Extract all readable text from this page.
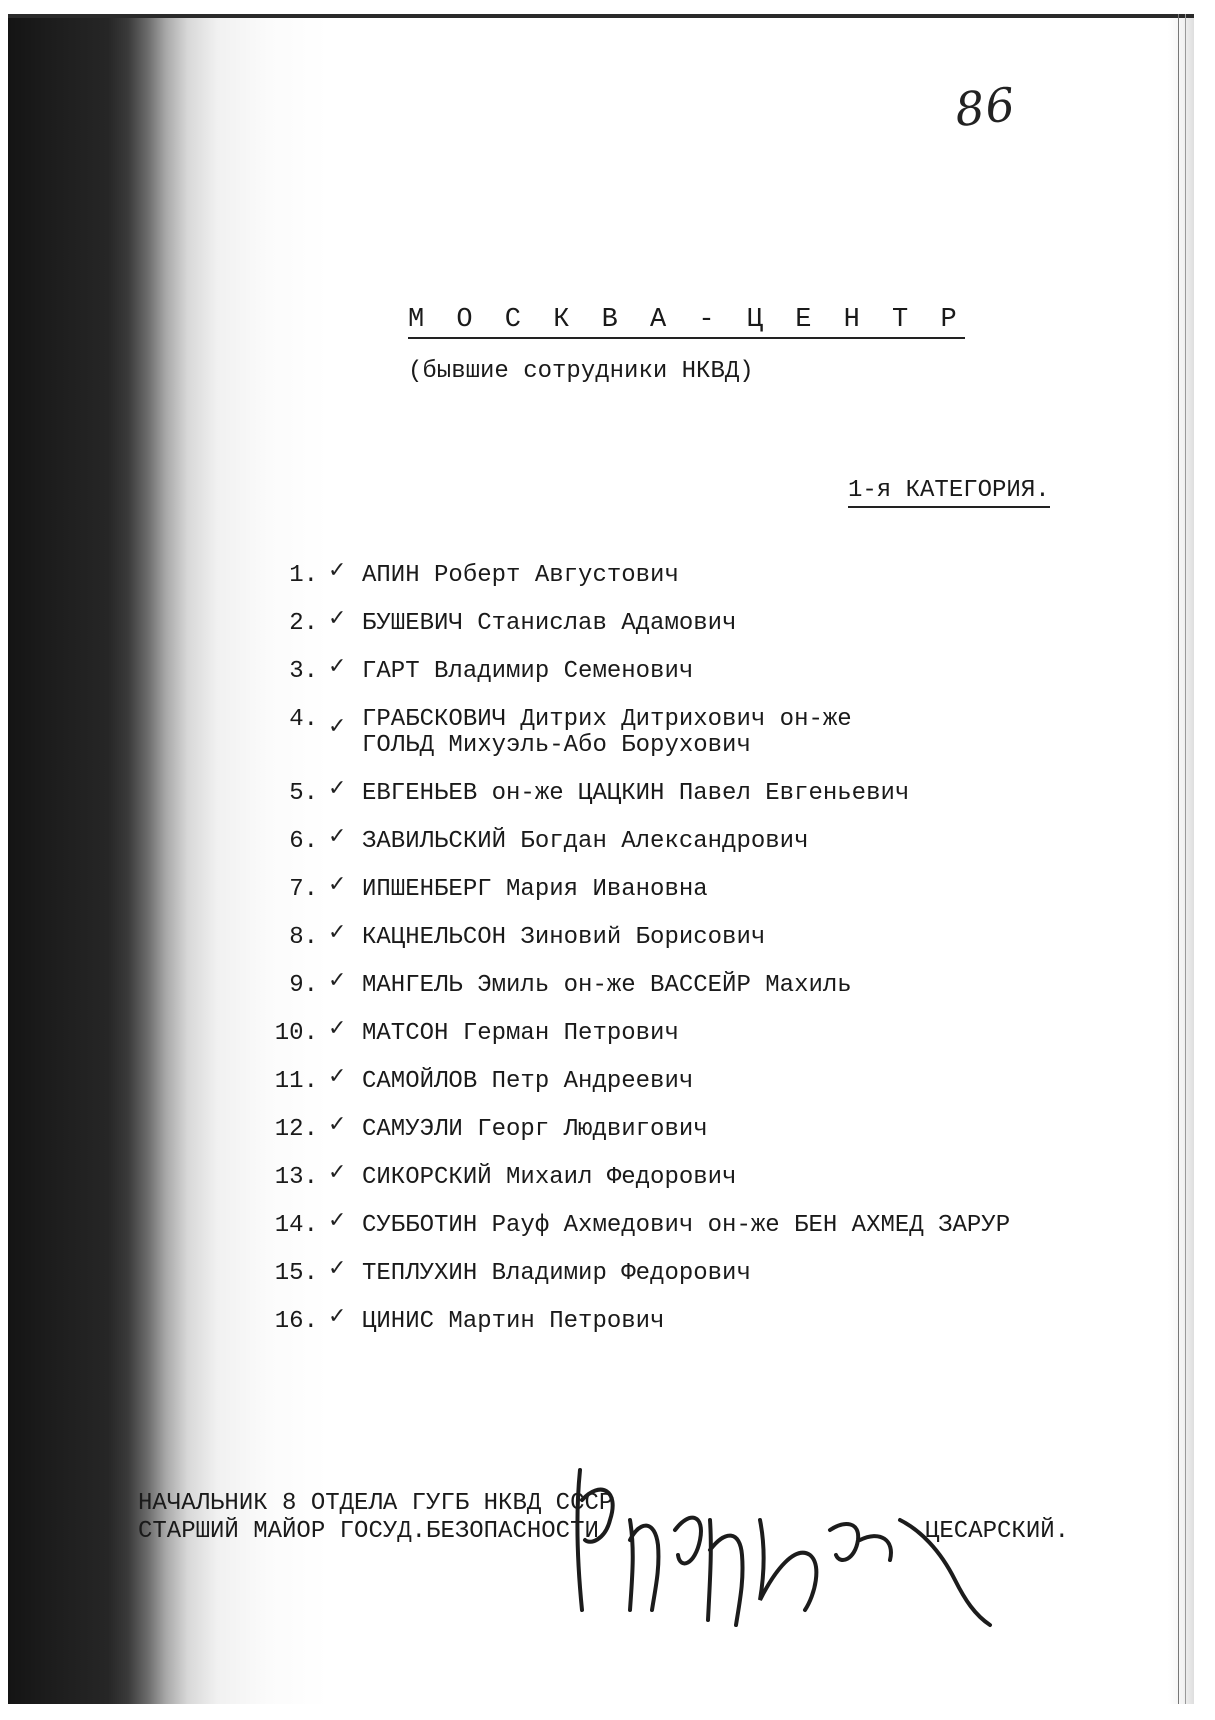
86
М О С К В А - Ц Е Н Т Р
(бывшие сотрудники НКВД)
1-я КАТЕГОРИЯ.
1. ✓ АПИН Роберт Августович
2. ✓ БУШЕВИЧ Станислав Адамович
3. ✓ ГАРТ Владимир Семенович
4. ✓ ГРАБСКОВИЧ Дитрих Дитрихович он-же
ГОЛЬД Михуэль-Або Борухович
5. ✓ ЕВГЕНЬЕВ он-же ЦАЦКИН Павел Евгеньевич
6. ✓ ЗАВИЛЬСКИЙ Богдан Александрович
7. ✓ ИПШЕНБЕРГ Мария Ивановна
8. ✓ КАЦНЕЛЬСОН Зиновий Борисович
9. ✓ МАНГЕЛЬ Эмиль он-же ВАССЕЙР Махиль
10. ✓ МАТСОН Герман Петрович
11. ✓ САМОЙЛОВ Петр Андреевич
12. ✓ САМУЭЛИ Георг Людвигович
13. ✓ СИКОРСКИЙ Михаил Федорович
14. ✓ СУББОТИН Рауф Ахмедович он-же БЕН АХМЕД ЗАРУР
15. ✓ ТЕПЛУХИН Владимир Федорович
16. ✓ ЦИНИС Мартин Петрович
НАЧАЛЬНИК 8 ОТДЕЛА ГУГБ НКВД СССР
СТАРШИЙ МАЙОР ГОСУД.БЕЗОПАСНОСТИ	ЦЕСАРСКИЙ.
